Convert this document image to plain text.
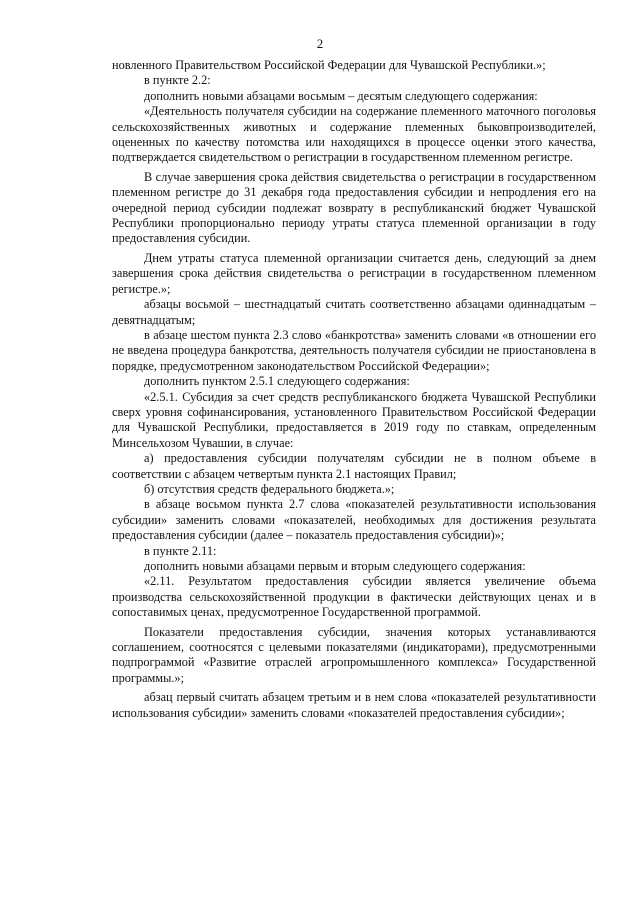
2

новленного Правительством Российской Федерации для Чувашской Республики.»;

в пункте 2.2:

дополнить новыми абзацами восьмым – десятым следующего содержания:

«Деятельность получателя субсидии на содержание племенного маточного поголовья сельскохозяйственных животных и содержание племенных быковпроизводителей, оцененных по качеству потомства или находящихся в процессе оценки этого качества, подтверждается свидетельством о регистрации в государственном племенном регистре.

В случае завершения срока действия свидетельства о регистрации в государственном племенном регистре до 31 декабря года предоставления субсидии и непродления его на очередной период субсидии подлежат возврату в республиканский бюджет Чувашской Республики пропорционально периоду утраты статуса племенной организации в году предоставления субсидии.

Днем утраты статуса племенной организации считается день, следующий за днем завершения срока действия свидетельства о регистрации в государственном племенном регистре.»;

абзацы восьмой – шестнадцатый считать соответственно абзацами одиннадцатым – девятнадцатым;

в абзаце шестом пункта 2.3 слово «банкротства» заменить словами «в отношении его не введена процедура банкротства, деятельность получателя субсидии не приостановлена в порядке, предусмотренном законодательством Российской Федерации»;

дополнить пунктом 2.5.1 следующего содержания:

«2.5.1. Субсидия за счет средств республиканского бюджета Чувашской Республики сверх уровня софинансирования, установленного Правительством Российской Федерации для Чувашской Республики, предоставляется в 2019 году по ставкам, определенным Минсельхозом Чувашии, в случае:

а) предоставления субсидии получателям субсидии не в полном объеме в соответствии с абзацем четвертым пункта 2.1 настоящих Правил;

б) отсутствия средств федерального бюджета.»;

в абзаце восьмом пункта 2.7 слова «показателей результативности использования субсидии» заменить словами «показателей, необходимых для достижения результата предоставления субсидии (далее – показатель предоставления субсидии)»;

в пункте 2.11:

дополнить новыми абзацами первым и вторым следующего содержания:

«2.11. Результатом предоставления субсидии является увеличение объема производства сельскохозяйственной продукции в фактически действующих ценах и в сопоставимых ценах, предусмотренное Государственной программой.

Показатели предоставления субсидии, значения которых устанавливаются соглашением, соотносятся с целевыми показателями (индикаторами), предусмотренными подпрограммой «Развитие отраслей агропромышленного комплекса» Государственной программы.»;

абзац первый считать абзацем третьим и в нем слова «показателей результативности использования субсидии» заменить словами «показателей предоставления субсидии»;
